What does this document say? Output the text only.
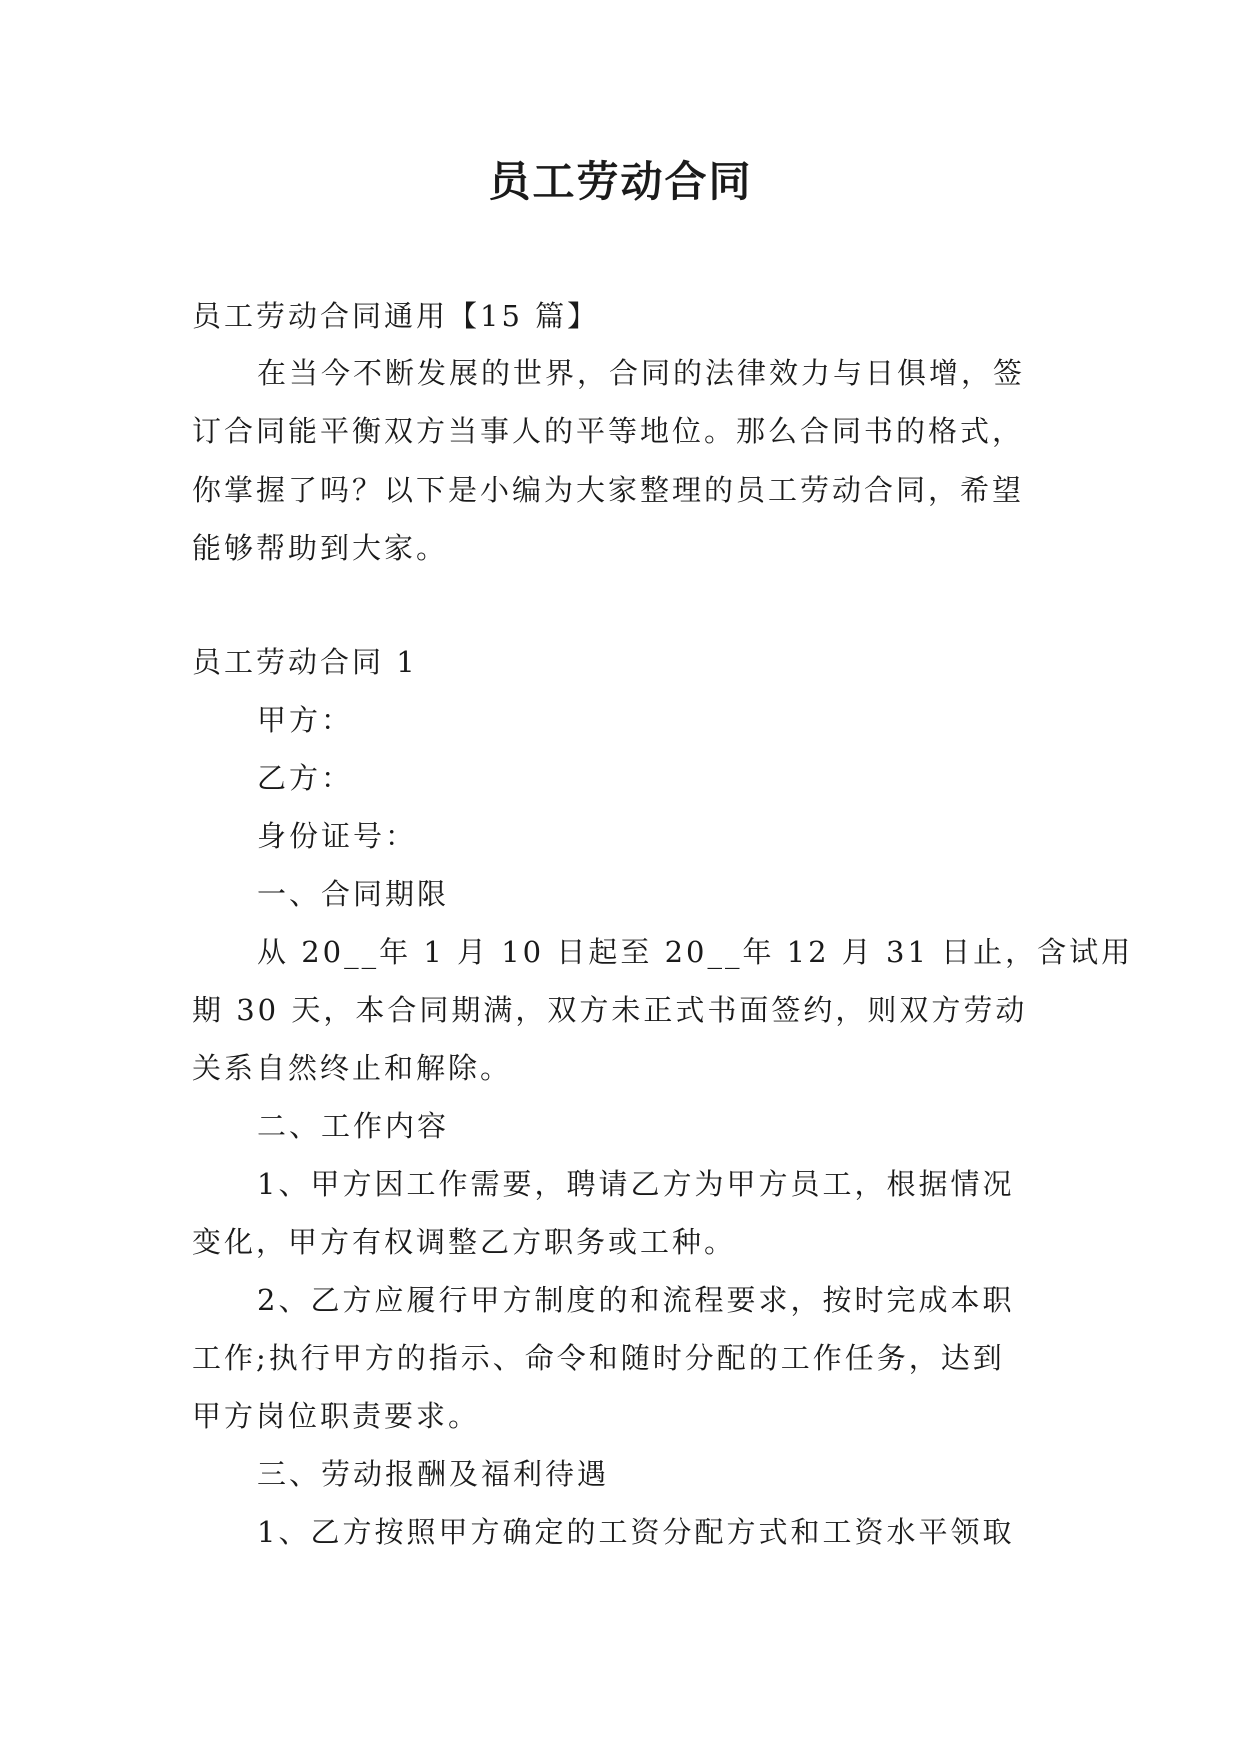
员工劳动合同

员工劳动合同通用【15 篇】

在当今不断发展的世界，合同的法律效力与日俱增，签

订合同能平衡双方当事人的平等地位。那么合同书的格式，

你掌握了吗？以下是小编为大家整理的员工劳动合同，希望

能够帮助到大家。

员工劳动合同 1

甲方：

乙方：

身份证号：

一、合同期限

从 20__年 1 月 10 日起至 20__年 12 月 31 日止，含试用

期 30 天，本合同期满，双方未正式书面签约，则双方劳动

关系自然终止和解除。

二、工作内容

1、甲方因工作需要，聘请乙方为甲方员工，根据情况

变化，甲方有权调整乙方职务或工种。

2、乙方应履行甲方制度的和流程要求，按时完成本职

工作;执行甲方的指示、命令和随时分配的工作任务，达到

甲方岗位职责要求。

三、劳动报酬及福利待遇

1、乙方按照甲方确定的工资分配方式和工资水平领取
